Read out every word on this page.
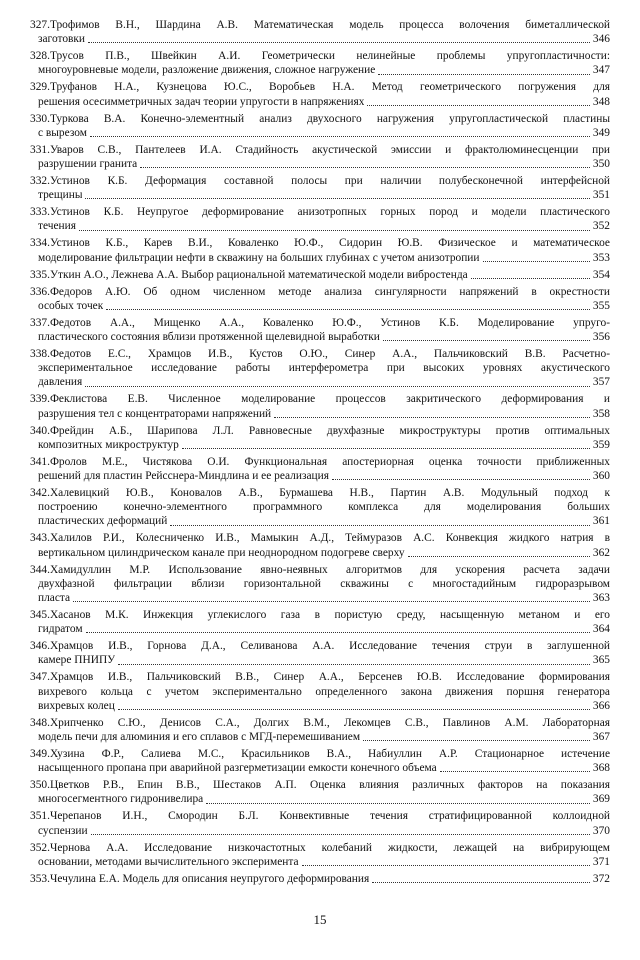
327.Трофимов В.Н., Шардина А.В. Математическая модель процесса волочения биметаллической
заготовки	346
328.Трусов П.В., Швейкин А.И. Геометрически нелинейные проблемы упругопластичности:
многоуровневые модели, разложение движения, сложное нагружение	347
329.Труфанов Н.А., Кузнецова Ю.С., Воробьев Н.А. Метод геометрического погружения для
решения осесимметричных задач теории упругости в напряжениях	348
330.Туркова В.А. Конечно-элементный анализ двухосного нагружения упругопластической пластины
с вырезом	349
331.Уваров С.В., Пантелеев И.А. Стадийность акустической эмиссии и фрактолюминесценции при
разрушении гранита	350
332.Устинов К.Б. Деформация составной полосы при наличии полубесконечной интерфейсной
трещины	351
333.Устинов К.Б. Неупругое деформирование анизотропных горных пород и модели пластического
течения	352
334.Устинов К.Б., Карев В.И., Коваленко Ю.Ф., Сидорин Ю.В. Физическое и математическое
моделирование фильтрации нефти в скважину на больших глубинах с учетом анизотропии	353
335. Уткин А.О., Лежнева А.А. Выбор рациональной математической модели вибростенда	354
336.Федоров А.Ю. Об одном численном методе анализа сингулярности напряжений в окрестности
особых точек	355
337.Федотов А.А., Мищенко А.А., Коваленко Ю.Ф., Устинов К.Б. Моделирование упруго-
пластического состояния вблизи протяженной щелевидной выработки	356
338.Федотов Е.С., Храмцов И.В., Кустов О.Ю., Синер А.А., Пальчиковский В.В. Расчетно-
экспериментальное исследование работы интерферометра при высоких уровнях акустического
давления	357
339.Феклистова Е.В. Численное моделирование процессов закритического деформирования и
разрушения тел с концентраторами напряжений	358
340.Фрейдин А.Б., Шарипова Л.Л. Равновесные двухфазные микроструктуры против оптимальных
композитных микроструктур	359
341.Фролов М.Е., Чистякова О.И. Функциональная апостериорная оценка точности приближенных
решений для пластин Рейсснера-Миндлина и ее реализация	360
342.Халевицкий Ю.В., Коновалов А.В., Бурмашева Н.В., Партин А.В. Модульный подход к
построению конечно-элементного программного комплекса для моделирования больших
пластических деформаций	361
343.Халилов Р.И., Колесниченко И.В., Мамыкин А.Д., Теймуразов А.С. Конвекция жидкого натрия в
вертикальном цилиндрическом канале при неоднородном подогреве сверху	362
344.Хамидуллин М.Р. Использование явно-неявных алгоритмов для ускорения расчета задачи
двухфазной фильтрации вблизи горизонтальной скважины с многостадийным гидроразрывом
пласта	363
345.Хасанов М.К. Инжекция углекислого газа в пористую среду, насыщенную метаном и его
гидратом	364
346.Храмцов И.В., Горнова Д.А., Селиванова А.А. Исследование течения струи в заглушенной
камере ПНИПУ	365
347.Храмцов И.В., Пальчиковский В.В., Синер А.А., Берсенев Ю.В. Исследование формирования
вихревого кольца с учетом экспериментально определенного закона движения поршня генератора
вихревых колец	366
348.Хрипченко С.Ю., Денисов С.А., Долгих В.М., Лекомцев С.В., Павлинов А.М. Лабораторная
модель печи для алюминия и его сплавов с МГД-перемешиванием	367
349.Хузина Ф.Р., Салиева М.С., Красильников В.А., Набиуллин А.Р. Стационарное истечение
насыщенного пропана при аварийной разгерметизации емкости конечного объема	368
350.Цветков Р.В., Епин В.В., Шестаков А.П. Оценка влияния различных факторов на показания
многосегментного гидронивелира	369
351.Черепанов И.Н., Смородин Б.Л. Конвективные течения стратифицированной коллоидной
суспензии	370
352.Чернова А.А. Исследование низкочастотных колебаний жидкости, лежащей на вибрирующем
основании, методами вычислительного эксперимента	371
353. Чечулина Е.А. Модель для описания неупругого деформирования	372
15
